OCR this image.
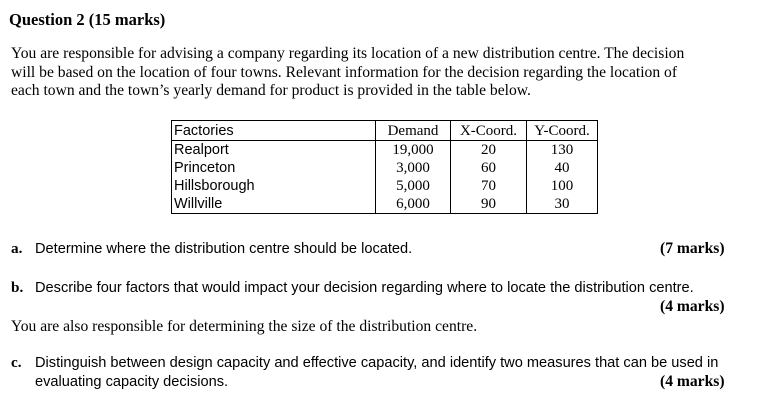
Question 2 (15 marks)
You are responsible for advising a company regarding its location of a new distribution centre. The decision
will be based on the location of four towns. Relevant information for the decision regarding the location of
each town and the town’s yearly demand for product is provided in the table below.
Factories	Demand	X-Coord.	Y-Coord.
Realport	19,000	20	130
Princeton	3,000	60	40
Hillsborough	5,000	70	100
Willville	6,000	90	30
a. Determine where the distribution centre should be located.	(7 marks)
b. Describe four factors that would impact your decision regarding where to locate the distribution centre.
(4 marks)
You are also responsible for determining the size of the distribution centre.
c. Distinguish between design capacity and effective capacity, and identify two measures that can be used in
evaluating capacity decisions.	(4 marks)
